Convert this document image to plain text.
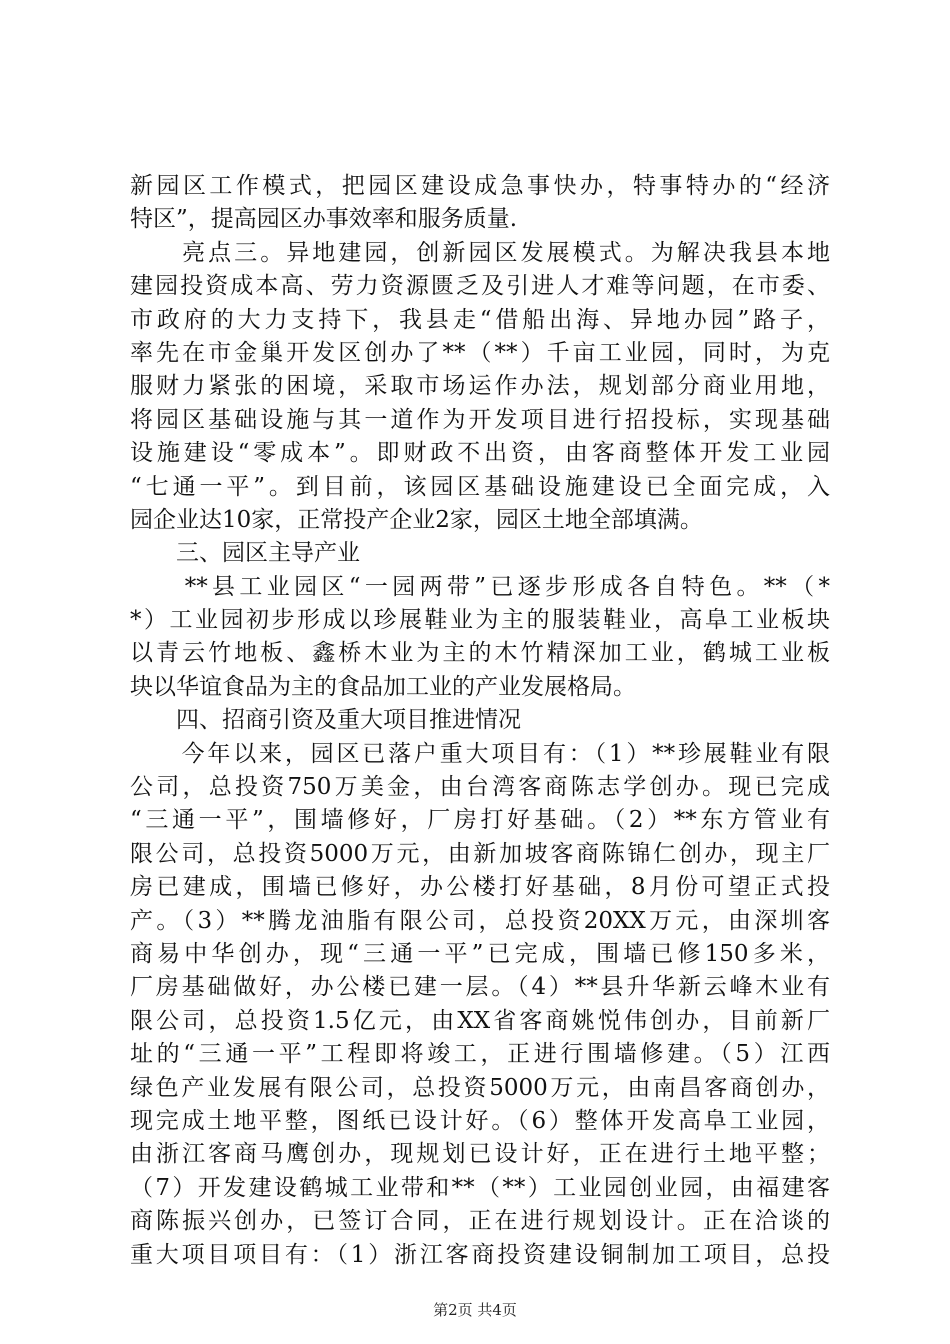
新园区工作模式，把园区建设成急事快办，特事特办的“经济
特区”，提高园区办事效率和服务质量.
　　亮点三。异地建园，创新园区发展模式。为解决我县本地
建园投资成本高、劳力资源匮乏及引进人才难等问题，在市委、
市政府的大力支持下，我县走“借船出海、异地办园”路子，
率先在市金巢开发区创办了**（**）千亩工业园，同时，为克
服财力紧张的困境，采取市场运作办法，规划部分商业用地，
将园区基础设施与其一道作为开发项目进行招投标，实现基础
设施建设“零成本”。即财政不出资，由客商整体开发工业园
“七通一平”。到目前，该园区基础设施建设已全面完成，入
园企业达10家，正常投产企业2家，园区土地全部填满。
　　三、园区主导产业
　　**县工业园区“一园两带”已逐步形成各自特色。**（*
*）工业园初步形成以珍展鞋业为主的服装鞋业，高阜工业板块
以青云竹地板、鑫桥木业为主的木竹精深加工业，鹤城工业板
块以华谊食品为主的食品加工业的产业发展格局。
　　四、招商引资及重大项目推进情况
　　今年以来，园区已落户重大项目有：（1）**珍展鞋业有限
公司，总投资750万美金，由台湾客商陈志学创办。现已完成
“三通一平”，围墙修好，厂房打好基础。（2）**东方管业有
限公司，总投资5000万元，由新加坡客商陈锦仁创办，现主厂
房已建成，围墙已修好，办公楼打好基础，8月份可望正式投
产。（3）**腾龙油脂有限公司，总投资20XX万元，由深圳客
商易中华创办，现“三通一平”已完成，围墙已修150多米，
厂房基础做好，办公楼已建一层。（4）**县升华新云峰木业有
限公司，总投资1.5亿元，由XX省客商姚悦伟创办，目前新厂
址的“三通一平”工程即将竣工，正进行围墙修建。（5）江西
绿色产业发展有限公司，总投资5000万元，由南昌客商创办，
现完成土地平整，图纸已设计好。（6）整体开发高阜工业园，
由浙江客商马鹰创办，现规划已设计好，正在进行土地平整；
（7）开发建设鹤城工业带和**（**）工业园创业园，由福建客
商陈振兴创办，已签订合同，正在进行规划设计。正在洽谈的
重大项目项目有：（1）浙江客商投资建设铜制加工项目，总投
第2页 共4页
